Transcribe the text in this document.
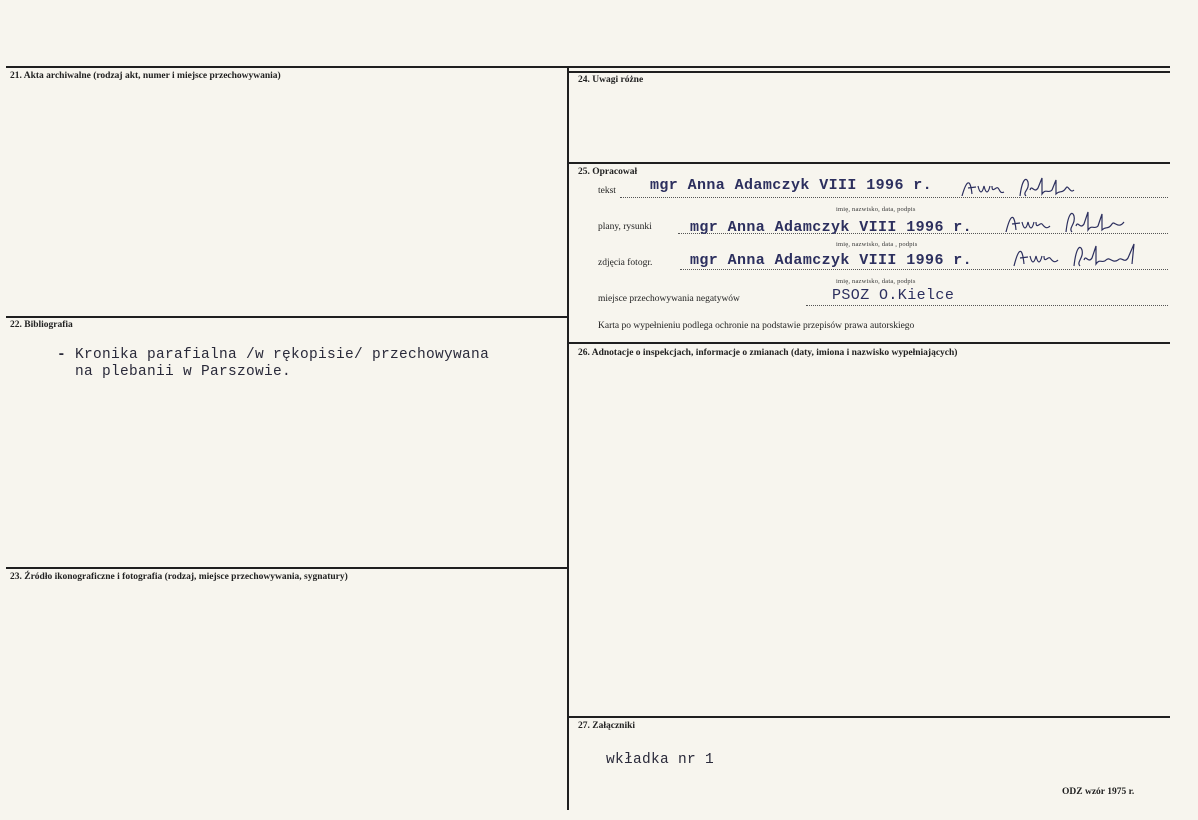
21. Akta archiwalne (rodzaj akt, numer i miejsce przechowywania)
22. Bibliografia
- Kronika parafialna /w rękopisie/ przechowywana
na plebanii w Parszowie.
23. Źródło ikonograficzne i fotografia (rodzaj, miejsce przechowywania, sygnatury)
24. Uwagi różne
25. Opracował
tekst mgr Anna Adamczyk VIII 1996 r.
imię, nazwisko, data, podpis
plany, rysunki	mgr Anna Adamczyk VIII 1996 r.
imię, nazwisko, data , podpis
zdjęcia fotogr.	mgr Anna Adamczyk VIII 1996 r.
imię, nazwisko, data, podpis
miejsce przechowywania negatywów	PSOZ O.Kielce
Karta po wypełnieniu podlega ochronie na podstawie przepisów prawa autorskiego
26. Adnotacje o inspekcjach, informacje o zmianach (daty, imiona i nazwisko wypełniających)
27. Załączniki
wkładka nr 1
ODZ wzór 1975 r.
